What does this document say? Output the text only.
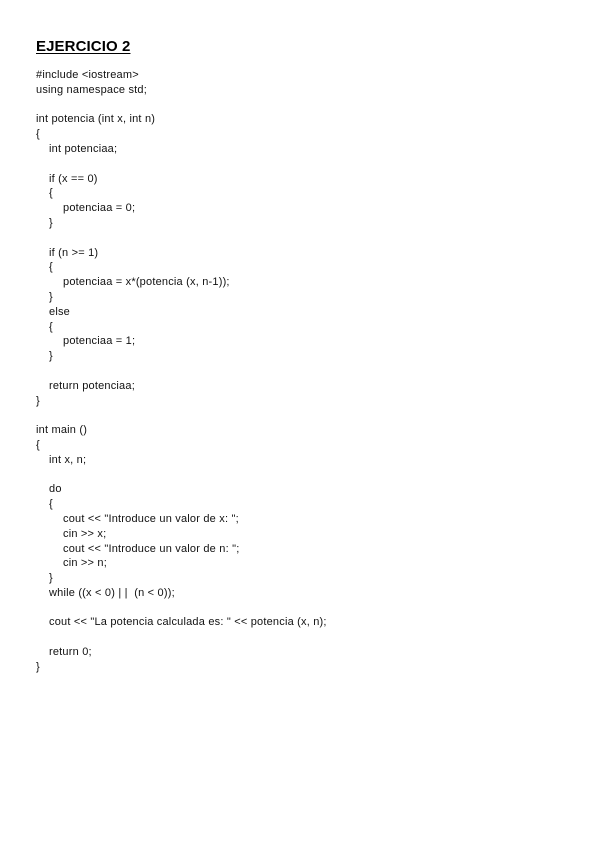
EJERCICIO 2
#include <iostream>
using namespace std;
int potencia (int x, int n)
{
int potenciaa;
if (x == 0)
{
potenciaa = 0;
}
if (n >= 1)
{
potenciaa = x*(potencia (x, n-1));
}
else
{
potenciaa = 1;
}
return potenciaa;
}
int main ()
{
int x, n;
do
{
cout << "Introduce un valor de x: ";
cin >> x;
cout << "Introduce un valor de n: ";
cin >> n;
}
while ((x < 0) | |  (n < 0));
cout << "La potencia calculada es: " << potencia (x, n);
return 0;
}
